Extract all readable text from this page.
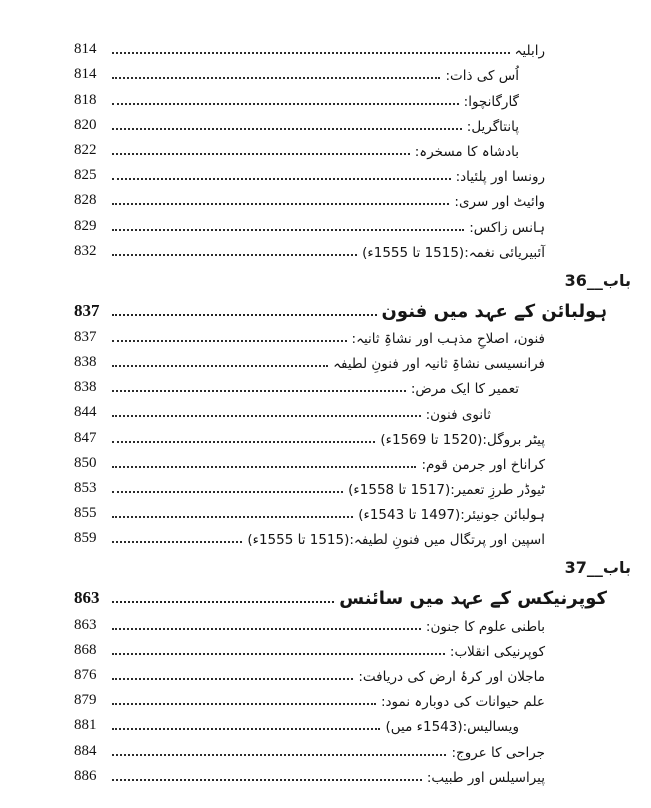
814	رابلیہ
814	اُس کی ذات:
818	گارگانچوا:
820	پانتاگریل:
822	بادشاہ کا مسخرہ:
825	رونسا اور پلئیاد:
828	وائیٹ اور سری:
829	ہانس زاکس:
832	آئبیریائی نغمہ:(1515 تا 1555ء)
باب__36
837	ہولبائن کے عہد میں فنون
837	فنون، اصلاحِ مذہب اور نشاۃِ ثانیہ:
838	فرانسیسی نشاۃِ ثانیہ اور فنونِ لطیفہ
838	تعمیر کا ایک مرض:
844	ثانوی فنون:
847	پیٹر بروگل:(1520 تا 1569ء)
850	کراناخ اور جرمن قوم:
853	ٹیوڈر طرزِ تعمیر:(1517 تا 1558ء)
855	ہولبائن جونیئر:(1497 تا 1543ء)
859	اسپین اور پرتگال میں فنونِ لطیفہ:(1515 تا 1555ء)
باب__37
863	کوپرنیکس کے عہد میں سائنس
863	باطنی علوم کا جنون:
868	کوپرنیکی انقلاب:
876	ماجلان اور کرۂ ارض کی دریافت:
879	علم حیوانات کی دوبارہ نمود:
881	ویسالیس:(1543ء میں)
884	جراحی کا عروج:
886	پیراسیلس اور طبیب:
